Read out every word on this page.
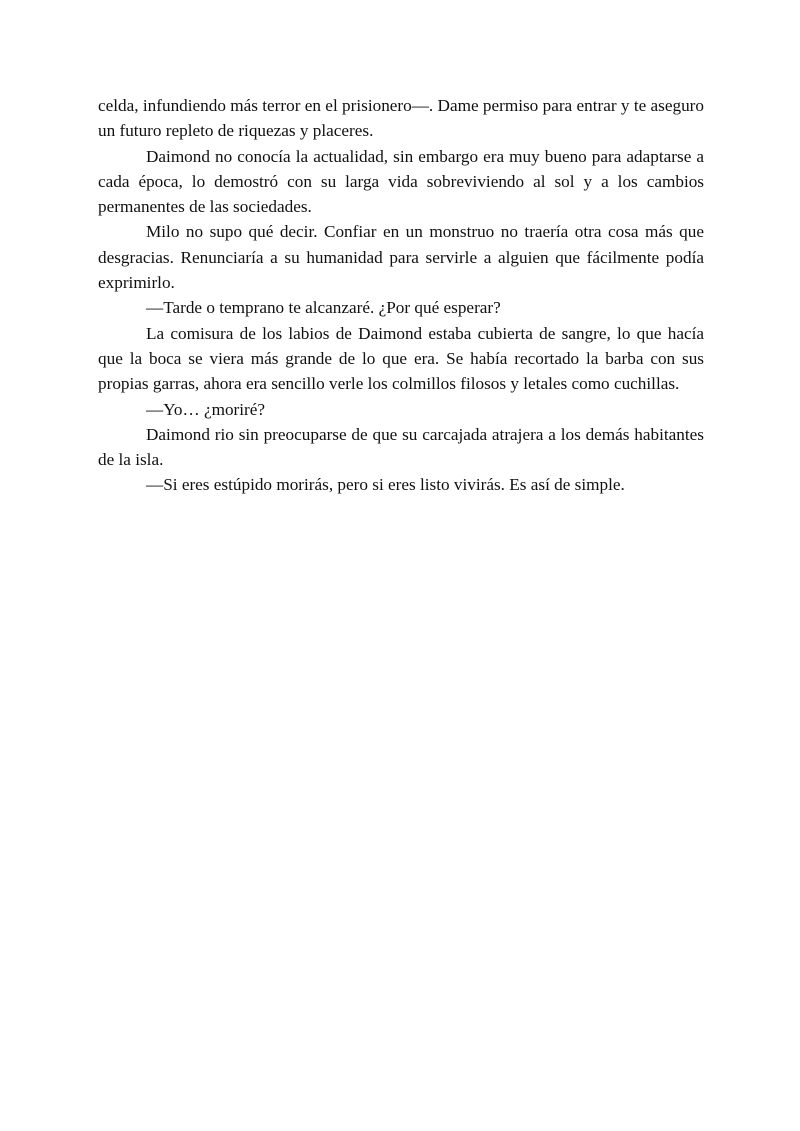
celda, infundiendo más terror en el prisionero―. Dame permiso para entrar y te aseguro un futuro repleto de riquezas y placeres.

Daimond no conocía la actualidad, sin embargo era muy bueno para adaptarse a cada época, lo demostró con su larga vida sobreviviendo al sol y a los cambios permanentes de las sociedades.

Milo no supo qué decir. Confiar en un monstruo no traería otra cosa más que desgracias. Renunciaría a su humanidad para servirle a alguien que fácilmente podía exprimirlo.

―Tarde o temprano te alcanzaré. ¿Por qué esperar?

La comisura de los labios de Daimond estaba cubierta de sangre, lo que hacía que la boca se viera más grande de lo que era. Se había recortado la barba con sus propias garras, ahora era sencillo verle los colmillos filosos y letales como cuchillas.

―Yo… ¿moriré?

Daimond rio sin preocuparse de que su carcajada atrajera a los demás habitantes de la isla.

―Si eres estúpido morirás, pero si eres listo vivirás. Es así de simple.
